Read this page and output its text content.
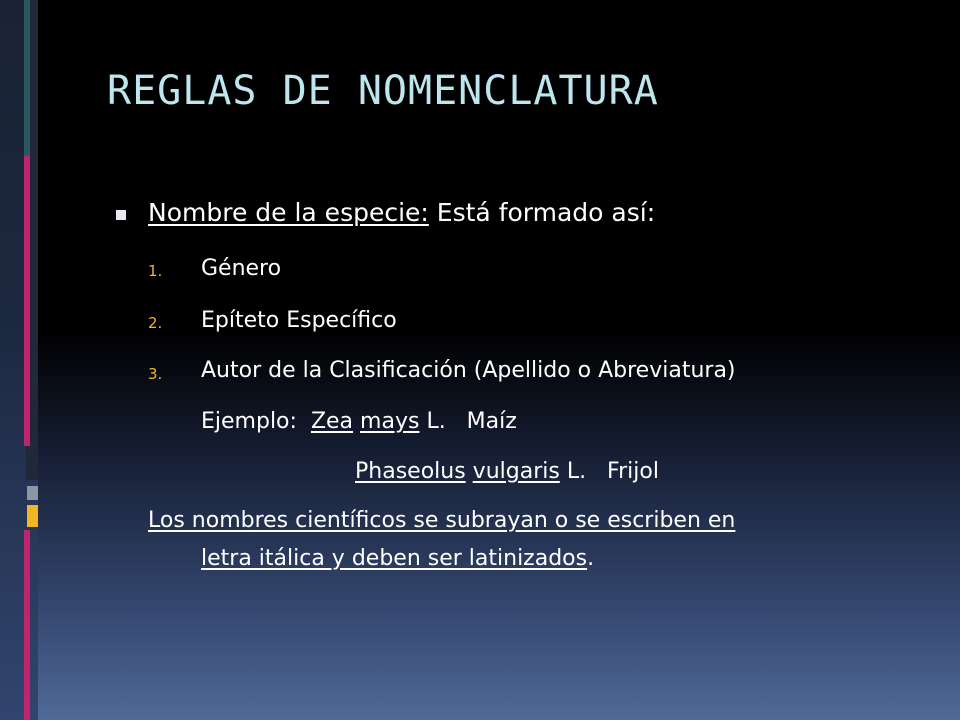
REGLAS DE NOMENCLATURA
Nombre de la especie: Está formado así:
1. Género
2. Epíteto Específico
3. Autor de la Clasificación (Apellido o Abreviatura)
Ejemplo: Zea mays L. Maíz
Phaseolus vulgaris L. Frijol
Los nombres científicos se subrayan o se escriben en
letra itálica y deben ser latinizados.
